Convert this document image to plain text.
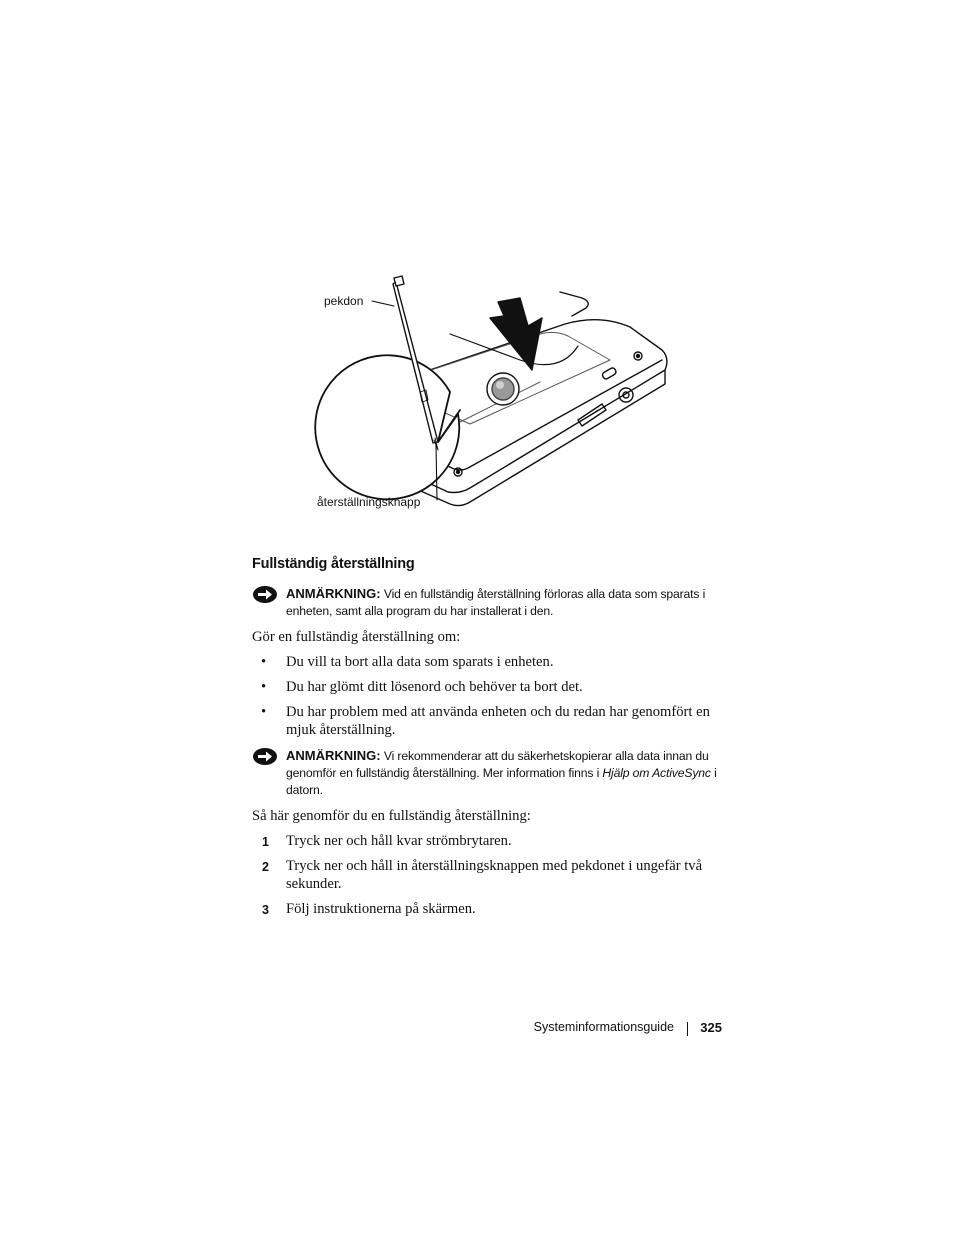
pekdon
återställningsknapp
Fullständig återställning
ANMÄRKNING: Vid en fullständig återställning förloras alla data som sparats i enheten, samt alla program du har installerat i den.
Gör en fullständig återställning om:
• Du vill ta bort alla data som sparats i enheten.
• Du har glömt ditt lösenord och behöver ta bort det.
• Du har problem med att använda enheten och du redan har genomfört en mjuk återställning.
ANMÄRKNING: Vi rekommenderar att du säkerhetskopierar alla data innan du genomför en fullständig återställning. Mer information finns i Hjälp om ActiveSync i datorn.
Så här genomför du en fullständig återställning:
1 Tryck ner och håll kvar strömbrytaren.
2 Tryck ner och håll in återställningsknappen med pekdonet i ungefär två sekunder.
3 Följ instruktionerna på skärmen.
Systeminformationsguide 325
